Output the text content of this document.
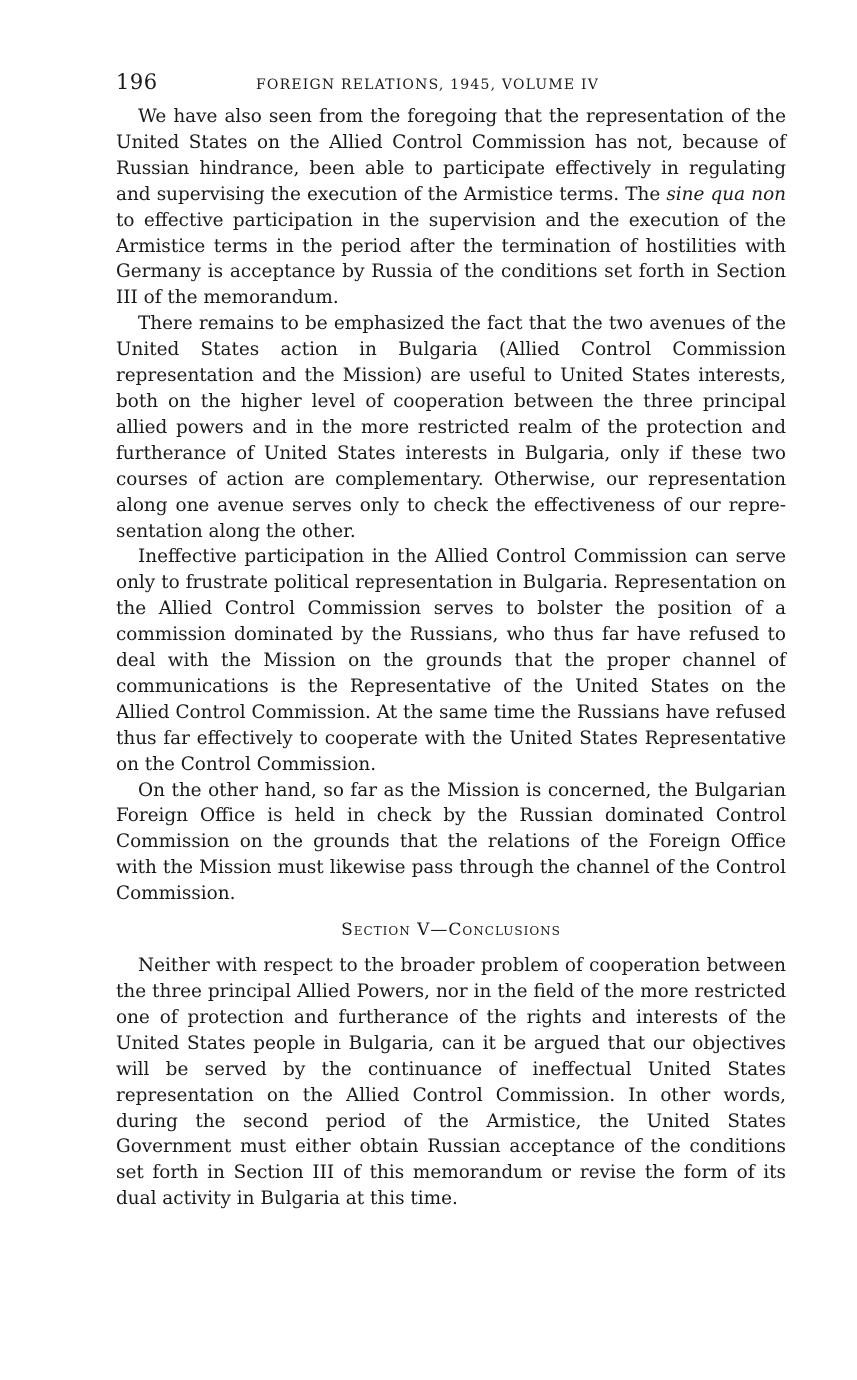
196	FOREIGN RELATIONS, 1945, VOLUME IV

We have also seen from the foregoing that the representation of the United States on the Allied Control Commission has not, because of Russian hindrance, been able to participate effectively in regulating and supervising the execution of the Armistice terms. The sine qua non to effective participation in the supervision and the execution of the Armistice terms in the period after the termination of hostilities with Germany is acceptance by Russia of the conditions set forth in Section III of the memorandum.

There remains to be emphasized the fact that the two avenues of the United States action in Bulgaria (Allied Control Commission representation and the Mission) are useful to United States interests, both on the higher level of cooperation between the three principal allied powers and in the more restricted realm of the protection and furtherance of United States interests in Bulgaria, only if these two courses of action are complementary. Otherwise, our representation along one avenue serves only to check the effectiveness of our representation along the other.

Ineffective participation in the Allied Control Commission can serve only to frustrate political representation in Bulgaria. Representation on the Allied Control Commission serves to bolster the position of a commission dominated by the Russians, who thus far have refused to deal with the Mission on the grounds that the proper channel of communications is the Representative of the United States on the Allied Control Commission. At the same time the Russians have refused thus far effectively to cooperate with the United States Representative on the Control Commission.

On the other hand, so far as the Mission is concerned, the Bulgarian Foreign Office is held in check by the Russian dominated Control Commission on the grounds that the relations of the Foreign Office with the Mission must likewise pass through the channel of the Control Commission.

Section V—Conclusions

Neither with respect to the broader problem of cooperation between the three principal Allied Powers, nor in the field of the more restricted one of protection and furtherance of the rights and interests of the United States people in Bulgaria, can it be argued that our objectives will be served by the continuance of ineffectual United States representation on the Allied Control Commission. In other words, during the second period of the Armistice, the United States Government must either obtain Russian acceptance of the conditions set forth in Section III of this memorandum or revise the form of its dual activity in Bulgaria at this time.
